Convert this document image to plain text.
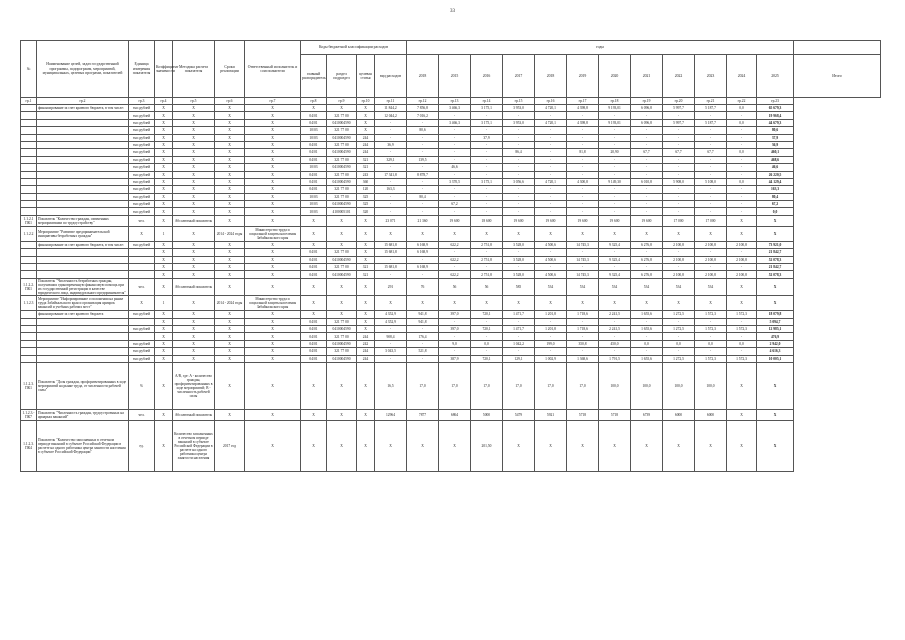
33
№	Наименование целей, задач государственной программы, подпрограмм, мероприятий, муниципальных, целевых программ, показателей	Единица измерения показателя	Коэффициент значимости	Методика расчета показателя	Сроки реализации	Ответственный исполнитель и соисполнители	Коды бюджетной классификации расходов				годы												
							главный распорядитель	раздел подраздел	целевая статья	вид расходов	2018	2015	2016	2017	2018	2019	2020	2021	2022	2023	2024	2025	Итого
гр.1	гр.2	гр.3	гр.4	гр.5	гр.6	гр.7	гр.8	гр.9	гр.10	гр.11	гр.12	гр.13	гр.14	гр.15	гр.16	гр.17	гр.18	гр.19	гр.20	гр.21	гр.22	гр.23	
	финансирование за счет краевого бюджета, в том числе:	тыс.рублей	X	X	X	X	X	X	X	11 844,2	7 856,8	3 466,3	3 175,1	3 953,0	4 720,1	4 398,8	9 193,01	6 096,8	5 997,7	5 187,7	0,0	65 679,3	
		тыс.рублей	X	X	X	X	04/01	321 77 00	X	12 044,2	7 016,2	-	-	-	-	-	-	-	-	-	-	19 968,4	
		тыс.рублей	X	X	X	X	04/01	0410004590	X	-	-	3 466,3	3 175,1	3 953,0	4 720,1	4 398,8	9 193,01	6 096,8	5 997,7	5 187,7	0,0	44 679,3	
		тыс.рублей	X	X	X	X	10/03	321 77 00	X	-	80,6	-	-	-	-	-	-	-	-	-	-	80,6	
		тыс.рублей	X	X	X	X	10/03	0410004590	244	-	-	-	37,9	-	-	-	-	-	-	-	-	37,9	
		тыс.рублей	X	X	X	X	04/01	321 77 00	244	36,9	-	-	-	-	-	-	-	-	-	-	-	36,9	
		тыс.рублей	X	X	X	X	04/01	0410004590	244	-	-	-	-	86,4	-	81,8	20,90	67,7	67,7	67,7	0,0	460,1	
		тыс.рублей	X	X	X	X	04/01	321 77 00	321	329,1	139,5	-	-	-	-	-	-	-	-	-	-	468,6	
		тыс.рублей	X	X	X	X	10/03	0410004590	321	-	-	46,6	-	-	-	-	-	-	-	-	-	46,6	
		тыс.рублей	X	X	X	X	04/01	321 77 00	243	17 341,8	8 878,7	-	-	-	-	-	-	-	-	-	-	26 220,5	
		тыс.рублей	X	X	X	X	04/01	0410004590	360	-	-	3 370,5	3 175,1	3 056,6	4 720,1	4 300,8	9 149,30	6 010,8	5 908,0	5 108,0	0,0	44 129,4	
		тыс.рублей	X	X	X	X	04/01	321 77 00	120	163,3	-	-	-	-	-	-	-	-	-	-	-	163,3	
		тыс.рублей	X	X	X	X	10/03	321 77 00	325	-	80,4	-	-	-	-	-	-	-	-	-	-	80,4	
		тыс.рублей	X	X	X	X	10/03	0410004590	325	-	-	67,2	-	-	-	-	-	-	-	-	-	67,2	
		тыс.рублей	X	X	X	X	10/03	4100005101	320	-	-	-	-	-	-	-	-	-	-	-	-	0,0	
1.1.2.1 ПК1	Показатель "Количество граждан, охваченных мероприятиями по трудоустройству"	чел.	X	Абсолютный показатель	X	X	X	X	X	23 071	21 360	19 600	18 600	19 600	19 600	19 600	19 600	19 600	17 000	17 000	X	X	
1.1.2.2	Мероприятие "Развитие предпринимательской инициативы безработных граждан"	X	1	X	2014 - 2024 годы	Министерство труда и социальной защиты населения Забайкальского края	X	X	X	X	X	X	X	X	X	X	X	X	X	X	X	X	
	финансирование за счет краевого бюджета, в том числе:	тыс.рублей	X	X	X	X	X	X	X	15 681,8	6 168,9	622,2	2 751,8	3 528,0	4 500,6	14 745,3	9 325,4	6 276,8	2 100,8	2 100,8	2 100,8	73 921,0	
			X	X	X	X	04/01	321 77 00	X	15 681,8	6 168,9	-	-	-	-	-	-	-	-	-	-	21 842,7	
			X	X	X	X	04/01	0410004590	X	-	-	622,2	2 751,8	3 528,0	4 500,6	14 745,3	9 325,4	6 276,8	2 100,8	2 100,8	2 100,8	52 078,3	
			X	X	X	X	04/01	321 77 00	321	15 681,8	6 168,9	-	-	-	-	-	-	-	-	-	-	21 842,7	
			X	X	X	X	04/01	0410004590	321	-	-	622,2	2 751,8	3 528,0	4 500,6	14 745,3	9 325,4	6 276,8	2 100,8	2 100,8	2 100,8	52 078,3	
1.1.2.2. ПК1	Показатель "Численность безработных граждан, получивших единовременную финансовую помощь при их государственной регистрации в качестве юридического лица, индивидуального предпринимателя"	чел.	X	Абсолютный показатель	X	X	X	X	X	291	76	56	56	585	534	534	534	534	534	534	X	X	
1.1.2.3	Мероприятие "Информирование о положении на рынке труда Забайкальского края и организация ярмарок вакансий и учебных рабочих мест"	X	1	X	2014 - 2024 годы	Министерство труда и социальной защиты населения Забайкальского края	X	X	X	X	X	X	X	X	X	X	X	X	X	X	X	X	
	финансирование за счет краевого бюджета	тыс.рублей	X	X	X	X	X	X	X	4 352,9	941,8	397,0	720,1	1 471,7	1 201,8	1 718,6	2 241,5	1 655,6	1 272,5	1 572,3	1 572,3	18 079,8	
			X	X	X	X	04/01	321 77 00	X	4 352,9	941,8	-	-	-	-	-	-	-	-	-	-	5 094,7	
		тыс.рублей	X	X	X	X	04/01	0410004590	X	-	-	397,0	720,1	1 471,7	1 201,8	1 718,6	2 241,5	1 655,6	1 272,5	1 572,3	1 572,3	12 985,1	
			X	X	X	X	04/01	321 77 00	244	908,4	176,4	-	-	-	-	-	-	-	-	-	-	476,9	
		тыс.рублей	X	X	X	X	04/01	0410004590	242	-	-	9,0	0,0	1 042,2	199,0	350,8	450,0	0,0	0,0	0,0	0,0	2 942,0	
		тыс.рублей	X	X	X	X	04/01	321 77 00	244	3 043,5	521,8	-	-	-	-	-	-	-	-	-	-	4 616,3	
		тыс.рублей	X	X	X	X	04/01	0410004590	244	-	-	387,9	720,1	129,1	1 002,9	1 368,6	1 791,5	1 655,6	1 272,5	1 572,3	1 572,3	10 005,1	
1.1.2.3. ПК1	Показатель "Доля граждан, профориентированных в ходе мероприятий на рынке труда, от численности рабочей силы"	%	X	A/B, где: A - количество граждан, профориентированных в ходе мероприятий; B - численность рабочей силы	X	X	X	X	X	16,5	17,0	17,0	17,0	17,0	17,0	17,0	100,0	100,0	100,0	100,0	X	X	
1.1.2.3.-ПК7	Показатель "Численность граждан, трудоустроенных на ярмарках вакансий"	чел.	X	Абсолютный показатель	X	X	X	X	X	12964	7877	6864	5000	5479	5921	5718	5718	6739	6000	6000	X	X	
1.1.2.3. ПК4	Показатель "Количество заполненных в отчетном периоде вакансий в субъекте Российской Федерации в расчете на одного работника центра занятости населения в субъекте Российской Федерации"	ед.	X	Количество заполненных в отчетном периоде вакансий в субъекте Российской Федерации в расчете на одного работника центра занятости населения	2017 год	X	X	X	X	X	X	X	201,50	X	X	X	X	X	X	X	X	X	
